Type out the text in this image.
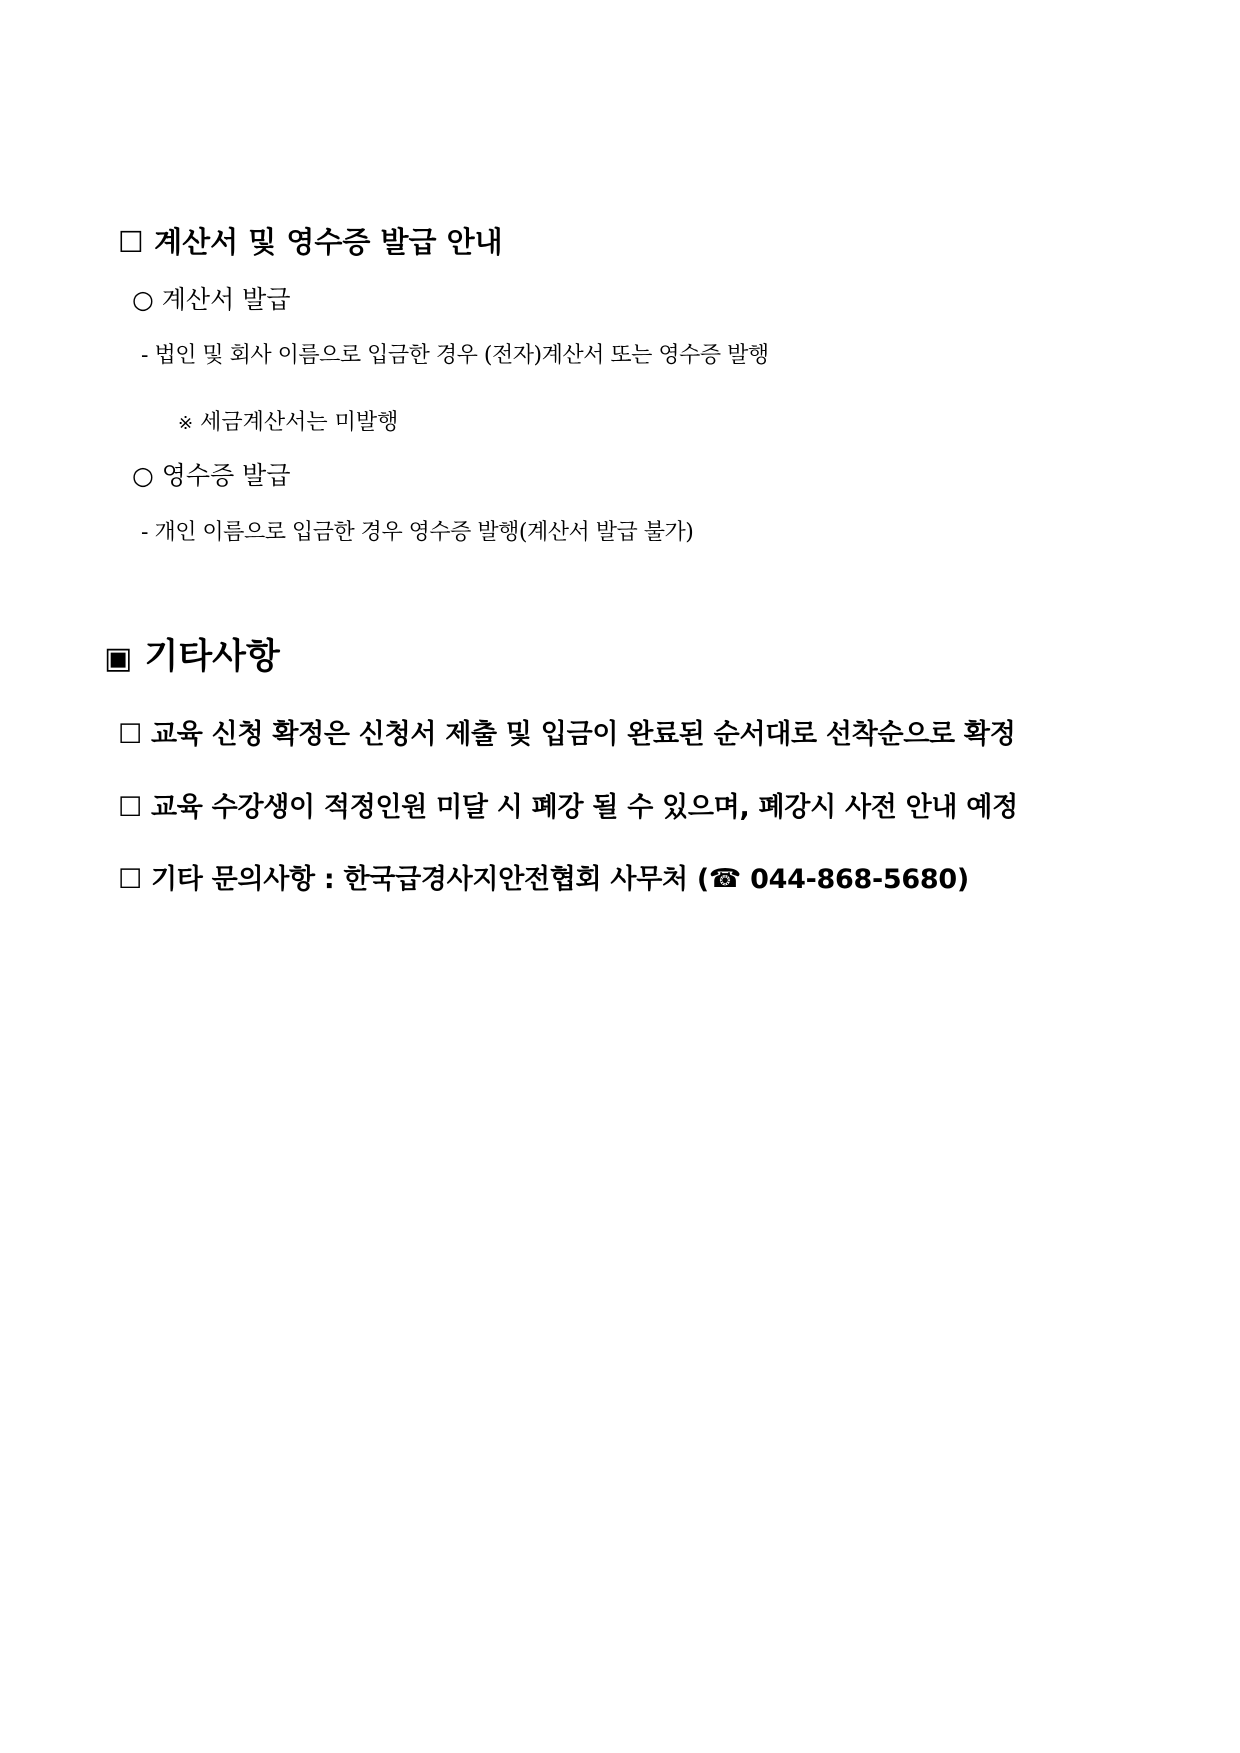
☐ 계산서 및 영수증 발급 안내
○ 계산서 발급
- 법인 및 회사 이름으로 입금한 경우 (전자)계산서 또는 영수증 발행
※ 세금계산서는 미발행
○ 영수증 발급
- 개인 이름으로 입금한 경우 영수증 발행(계산서 발급 불가)
▣ 기타사항
☐ 교육 신청 확정은 신청서 제출 및 입금이 완료된 순서대로 선착순으로 확정
☐ 교육 수강생이 적정인원 미달 시 폐강 될 수 있으며, 폐강시 사전 안내 예정
☐ 기타 문의사항 : 한국급경사지안전협회 사무처 (☎ 044-868-5680)
